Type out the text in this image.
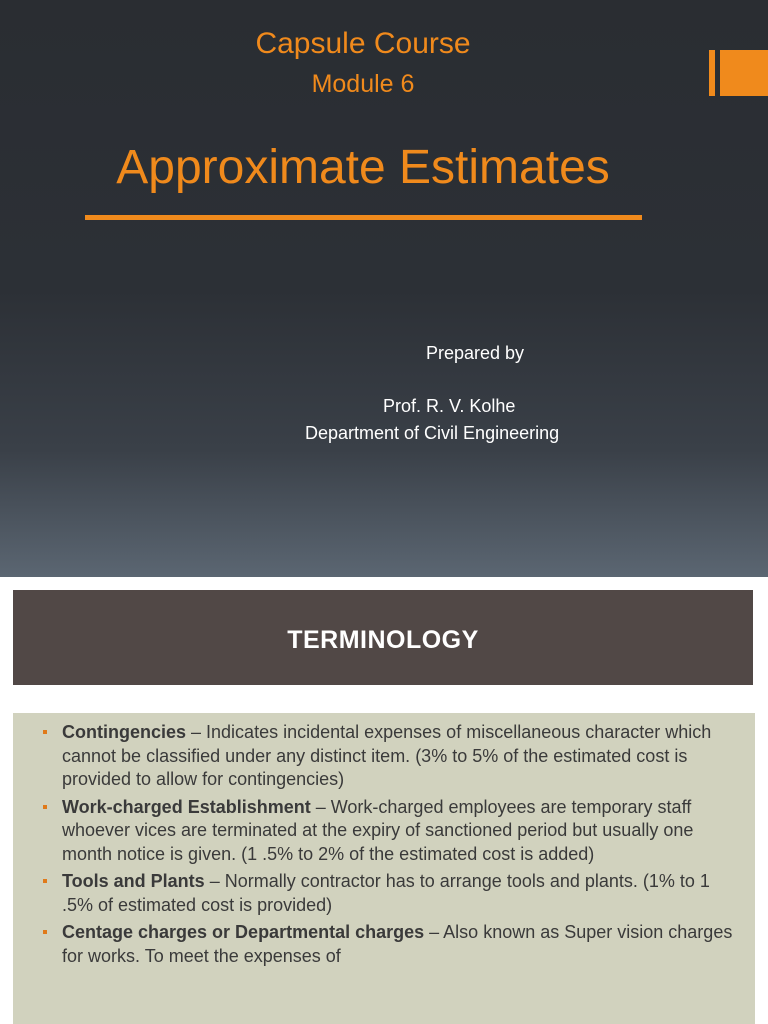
Capsule Course
Module 6
Approximate Estimates
Prepared by
Prof. R. V. Kolhe
Department of Civil Engineering
TERMINOLOGY
Contingencies – Indicates incidental expenses of miscellaneous character which cannot be classified under any distinct item. (3% to 5% of the estimated cost is provided to allow for contingencies)
Work-charged Establishment – Work-charged employees are temporary staff whoever vices are terminated at the expiry of sanctioned period but usually one month notice is given. (1 .5% to 2% of the estimated cost is added)
Tools and Plants – Normally contractor has to arrange tools and plants. (1% to 1 .5% of estimated cost is provided)
Centage charges or Departmental charges – Also known as Super vision charges for works. To meet the expenses of
